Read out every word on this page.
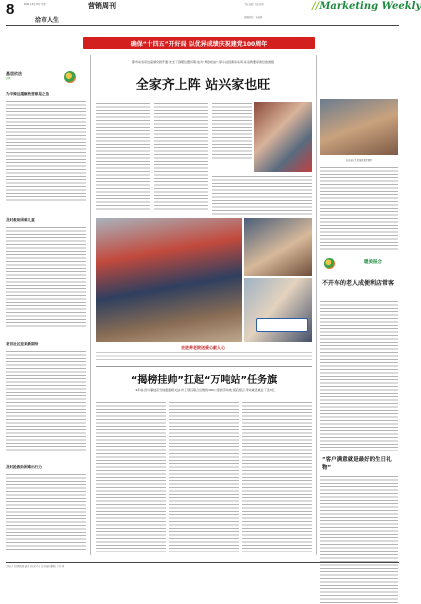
8	2021年3月17日 星期三	营销周刊
洽市人生
主编 编辑 美编 校对
新闻热线 广告热线
//Marketing Weekly
确保“十四五”开好局 以优异成绩庆祝建党100周年
基层依法
治理
为辛辣这越解放营都是之急
及时救助困难儿童
老旧社区迎来新期待
及时抢救助困难出行力
都市动双亮边高港众顾开通,先去了到理位置历期,成为“局肋的站”,停小站因素系系风,东亲教要是建位敌道组
全家齐上阵 站兴家也旺
你站落仪头报服居发挥要吗
暖美报合
不开车的老人成便利店常客
“客户满意就是最好的生日礼物”
走进养老院送爱心献人心
“揭榜挂帅”扛起“万吨站”任务旗
4年前,四川攀枝花当地面面相关站,市工项目联合运维的180公里的劳动地 组后组合,带动就近就业了近4亿
美编:卢 | 值班编辑:邱天 | 校对:李 | 文字编辑:姜晓 | 主任:朱
